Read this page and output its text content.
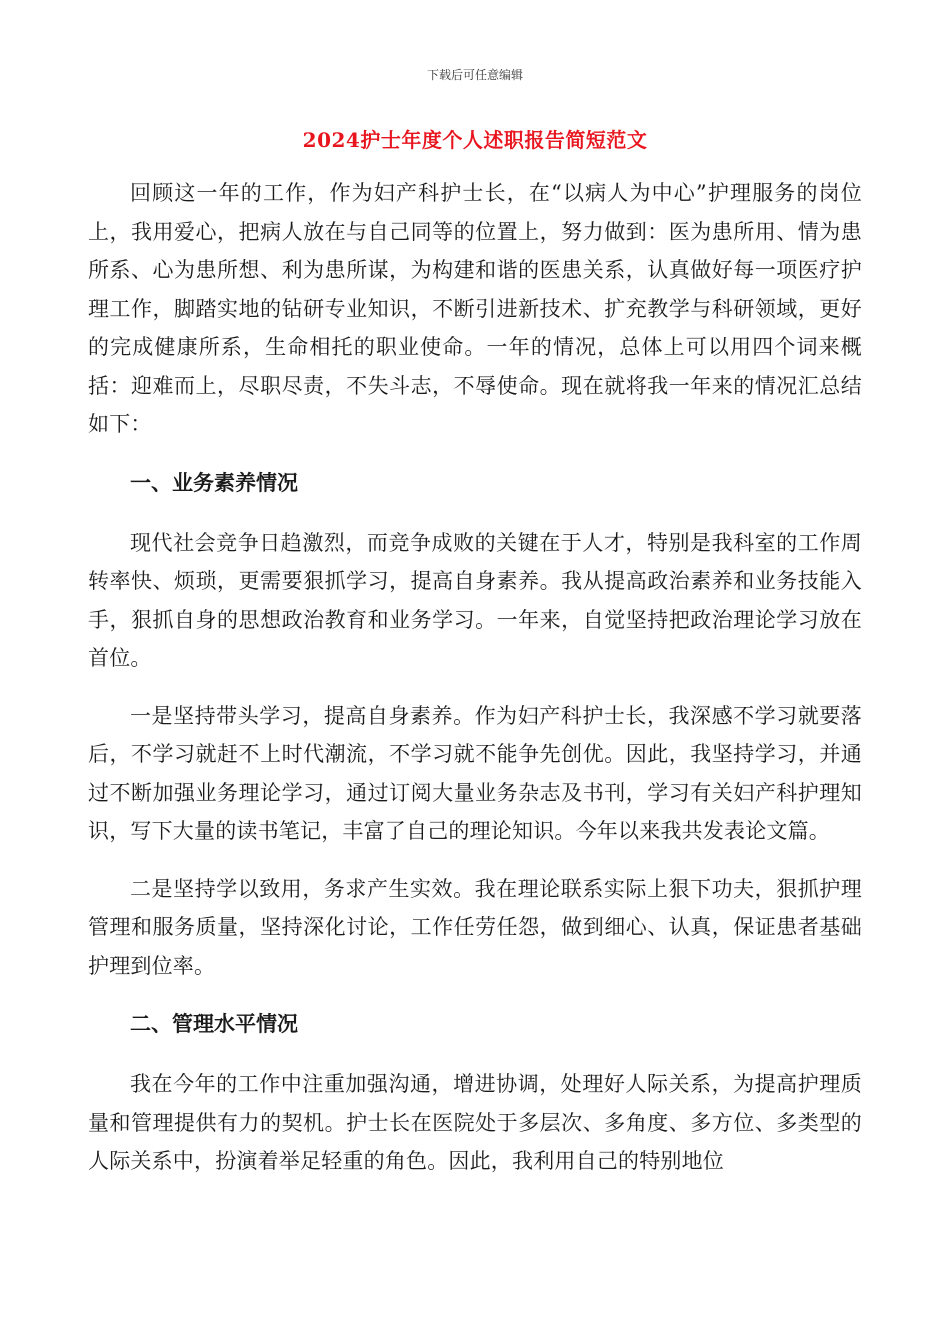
下载后可任意编辑
2024护士年度个人述职报告简短范文

回顾这一年的工作，作为妇产科护士长，在“以病人为中心”护理服务的岗位上，我用爱心，把病人放在与自己同等的位置上，努力做到：医为患所用、情为患所系、心为患所想、利为患所谋，为构建和谐的医患关系，认真做好每一项医疗护理工作，脚踏实地的钻研专业知识，不断引进新技术、扩充教学与科研领域，更好的完成健康所系，生命相托的职业使命。一年的情况，总体上可以用四个词来概括：迎难而上，尽职尽责，不失斗志，不辱使命。现在就将我一年来的情况汇总结如下：

一、业务素养情况

现代社会竞争日趋激烈，而竞争成败的关键在于人才，特别是我科室的工作周转率快、烦琐，更需要狠抓学习，提高自身素养。我从提高政治素养和业务技能入手，狠抓自身的思想政治教育和业务学习。一年来，自觉坚持把政治理论学习放在首位。

一是坚持带头学习，提高自身素养。作为妇产科护士长，我深感不学习就要落后，不学习就赶不上时代潮流，不学习就不能争先创优。因此，我坚持学习，并通过不断加强业务理论学习，通过订阅大量业务杂志及书刊，学习有关妇产科护理知识，写下大量的读书笔记，丰富了自己的理论知识。今年以来我共发表论文篇。

二是坚持学以致用，务求产生实效。我在理论联系实际上狠下功夫，狠抓护理管理和服务质量，坚持深化讨论，工作任劳任怨，做到细心、认真，保证患者基础护理到位率。

二、管理水平情况

我在今年的工作中注重加强沟通，增进协调，处理好人际关系，为提高护理质量和管理提供有力的契机。护士长在医院处于多层次、多角度、多方位、多类型的人际关系中，扮演着举足轻重的角色。因此，我利用自己的特别地位
